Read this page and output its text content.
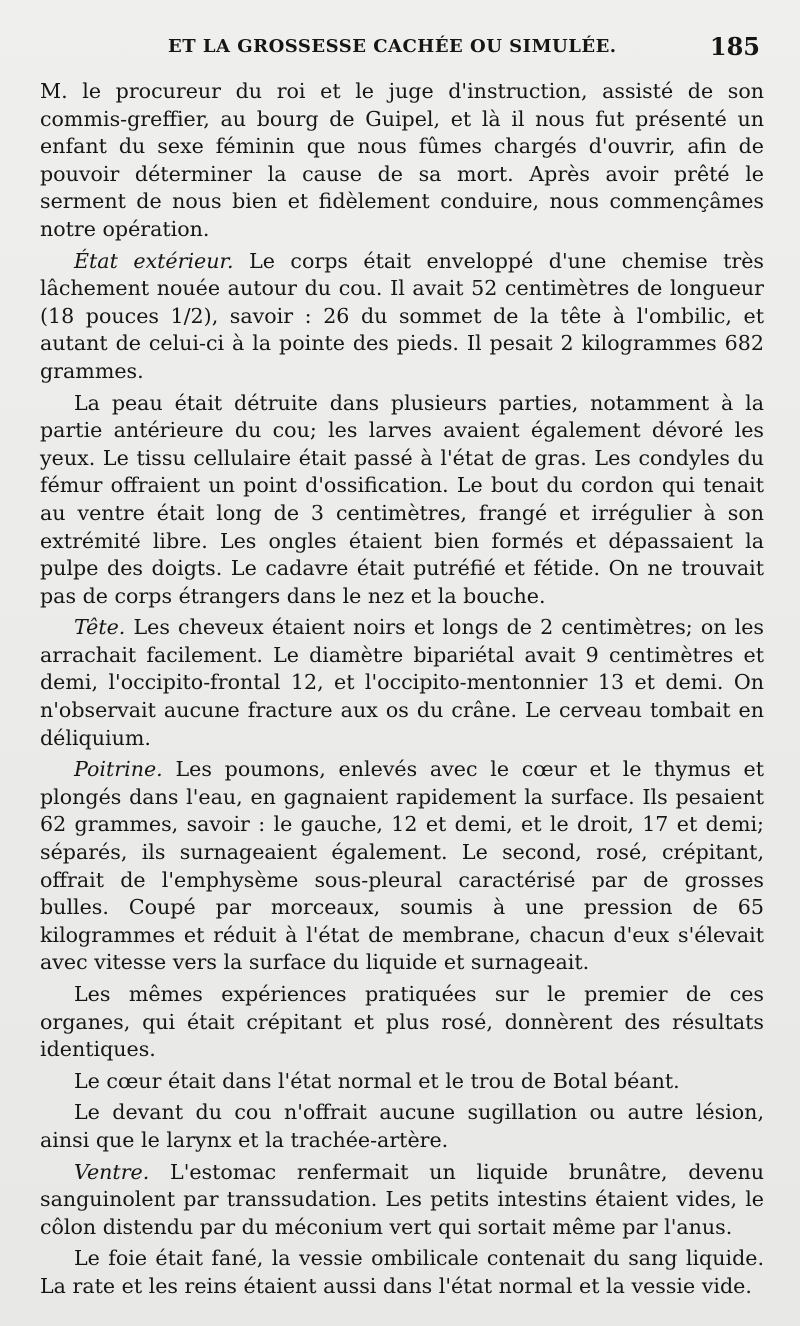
ET LA GROSSESSE CACHÉE OU SIMULÉE.	185

M. le procureur du roi et le juge d'instruction, assisté de son commis-greffier, au bourg de Guipel, et là il nous fut présenté un enfant du sexe féminin que nous fûmes chargés d'ouvrir, afin de pouvoir déterminer la cause de sa mort. Après avoir prêté le serment de nous bien et fidèlement conduire, nous commençâmes notre opération.

État extérieur. Le corps était enveloppé d'une chemise très lâchement nouée autour du cou. Il avait 52 centimètres de longueur (18 pouces 1/2), savoir : 26 du sommet de la tête à l'ombilic, et autant de celui-ci à la pointe des pieds. Il pesait 2 kilogrammes 682 grammes.

La peau était détruite dans plusieurs parties, notamment à la partie antérieure du cou; les larves avaient également dévoré les yeux. Le tissu cellulaire était passé à l'état de gras. Les condyles du fémur offraient un point d'ossification. Le bout du cordon qui tenait au ventre était long de 3 centimètres, frangé et irrégulier à son extrémité libre. Les ongles étaient bien formés et dépassaient la pulpe des doigts. Le cadavre était putréfié et fétide. On ne trouvait pas de corps étrangers dans le nez et la bouche.

Tête. Les cheveux étaient noirs et longs de 2 centimètres; on les arrachait facilement. Le diamètre bipariétal avait 9 centimètres et demi, l'occipito-frontal 12, et l'occipito-mentonnier 13 et demi. On n'observait aucune fracture aux os du crâne. Le cerveau tombait en déliquium.

Poitrine. Les poumons, enlevés avec le cœur et le thymus et plongés dans l'eau, en gagnaient rapidement la surface. Ils pesaient 62 grammes, savoir : le gauche, 12 et demi, et le droit, 17 et demi; séparés, ils surnageaient également. Le second, rosé, crépitant, offrait de l'emphysème sous-pleural caractérisé par de grosses bulles. Coupé par morceaux, soumis à une pression de 65 kilogrammes et réduit à l'état de membrane, chacun d'eux s'élevait avec vitesse vers la surface du liquide et surnageait.

Les mêmes expériences pratiquées sur le premier de ces organes, qui était crépitant et plus rosé, donnèrent des résultats identiques.

Le cœur était dans l'état normal et le trou de Botal béant.

Le devant du cou n'offrait aucune sugillation ou autre lésion, ainsi que le larynx et la trachée-artère.

Ventre. L'estomac renfermait un liquide brunâtre, devenu sanguinolent par transsudation. Les petits intestins étaient vides, le côlon distendu par du méconium vert qui sortait même par l'anus.

Le foie était fané, la vessie ombilicale contenait du sang liquide. La rate et les reins étaient aussi dans l'état normal et la vessie vide.
